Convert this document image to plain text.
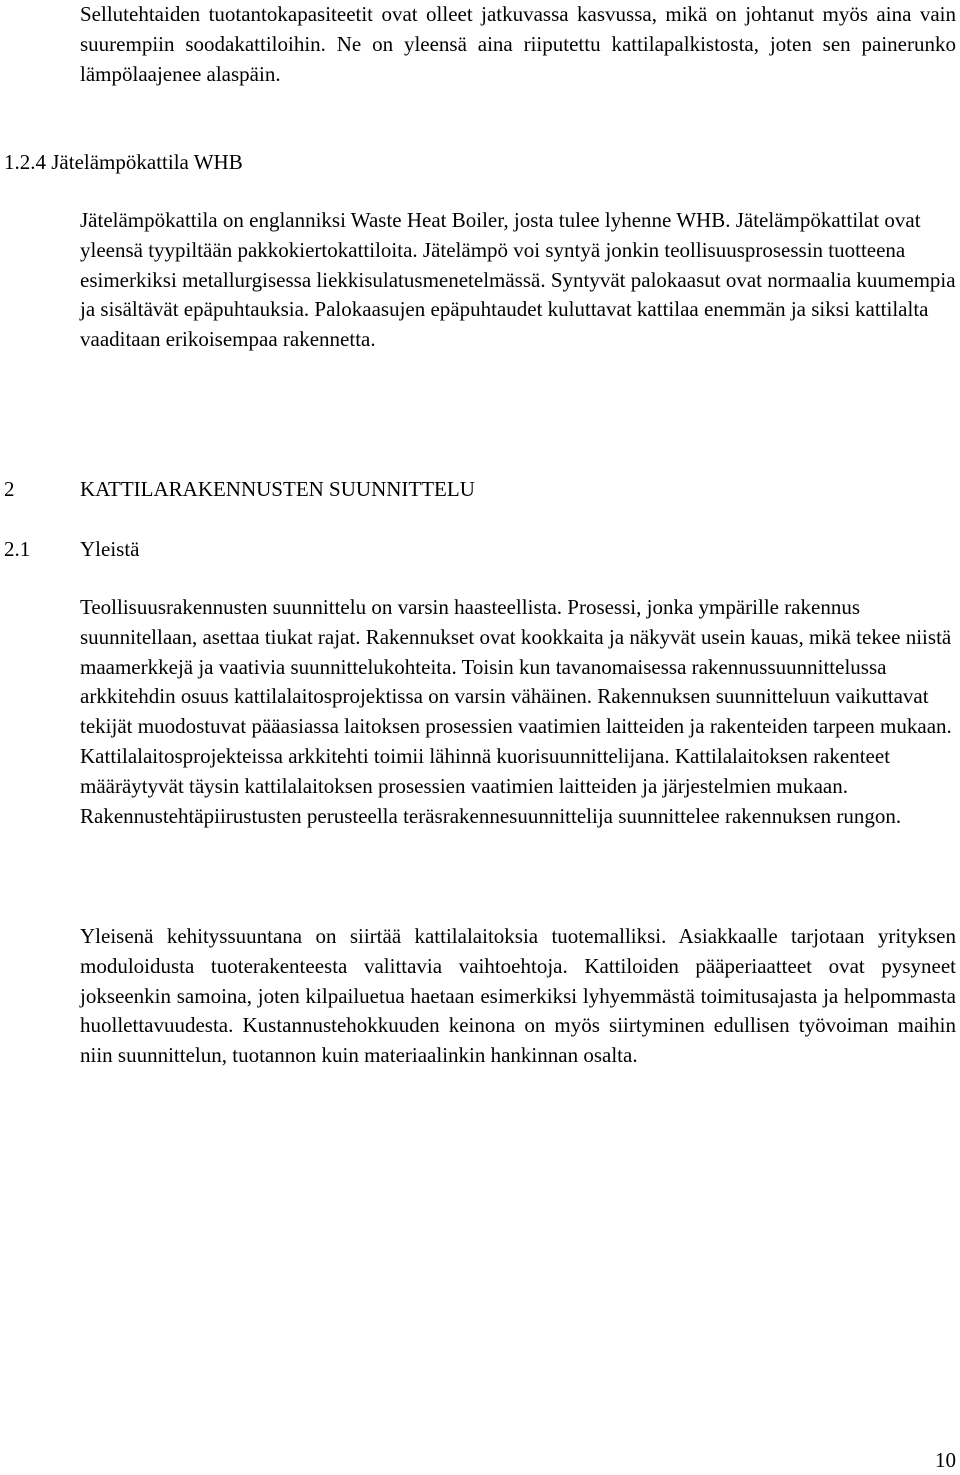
Sellutehtaiden tuotantokapasiteetit ovat olleet jatkuvassa kasvussa, mikä on johtanut myös aina vain suurempiin soodakattiloihin. Ne on yleensä aina riiputettu kattilapalkistosta, joten sen painerunko lämpölaajenee alaspäin.

1.2.4 Jätelämpökattila WHB

Jätelämpökattila on englanniksi Waste Heat Boiler, josta tulee lyhenne WHB. Jätelämpökattilat ovat yleensä tyypiltään pakkokiertokattiloita. Jätelämpö voi syntyä jonkin teollisuusprosessin tuotteena esimerkiksi metallurgisessa liekkisulatusmenetelmässä. Syntyvät palokaasut ovat normaalia kuumempia ja sisältävät epäpuhtauksia. Palokaasujen epäpuhtaudet kuluttavat kattilaa enemmän ja siksi kattilalta vaaditaan erikoisempaa rakennetta.

2	KATTILARAKENNUSTEN SUUNNITTELU
2.1 Yleistä

Teollisuusrakennusten suunnittelu on varsin haasteellista. Prosessi, jonka ympärille rakennus suunnitellaan, asettaa tiukat rajat. Rakennukset ovat kookkaita ja näkyvät usein kauas, mikä tekee niistä maamerkkejä ja vaativia suunnittelukohteita. Toisin kun tavanomaisessa rakennussuunnittelussa arkkitehdin osuus kattilalaitosprojektissa on varsin vähäinen. Rakennuksen suunnitteluun vaikuttavat tekijät muodostuvat pääasiassa laitoksen prosessien vaatimien laitteiden ja rakenteiden tarpeen mukaan. Kattilalaitosprojekteissa arkkitehti toimii lähinnä kuorisuunnittelijana. Kattilalaitoksen rakenteet määräytyvät täysin kattilalaitoksen prosessien vaatimien laitteiden ja järjestelmien mukaan. Rakennustehtäpiirustusten perusteella teräsrakennesuunnittelija suunnittelee rakennuksen rungon.

Yleisenä kehityssuuntana on siirtää kattilalaitoksia tuotemalliksi. Asiakkaalle tarjotaan yrityksen moduloidusta tuoterakenteesta valittavia vaihtoehtoja. Kattiloiden pääperiaatteet ovat pysyneet jokseenkin samoina, joten kilpailuetua haetaan esimerkiksi lyhyemmästä toimitusajasta ja helpommasta huollettavuudesta. Kustannustehokkuuden keinona on myös siirtyminen edullisen työvoiman maihin niin suunnittelun, tuotannon kuin materiaalinkin hankinnan osalta.

10
